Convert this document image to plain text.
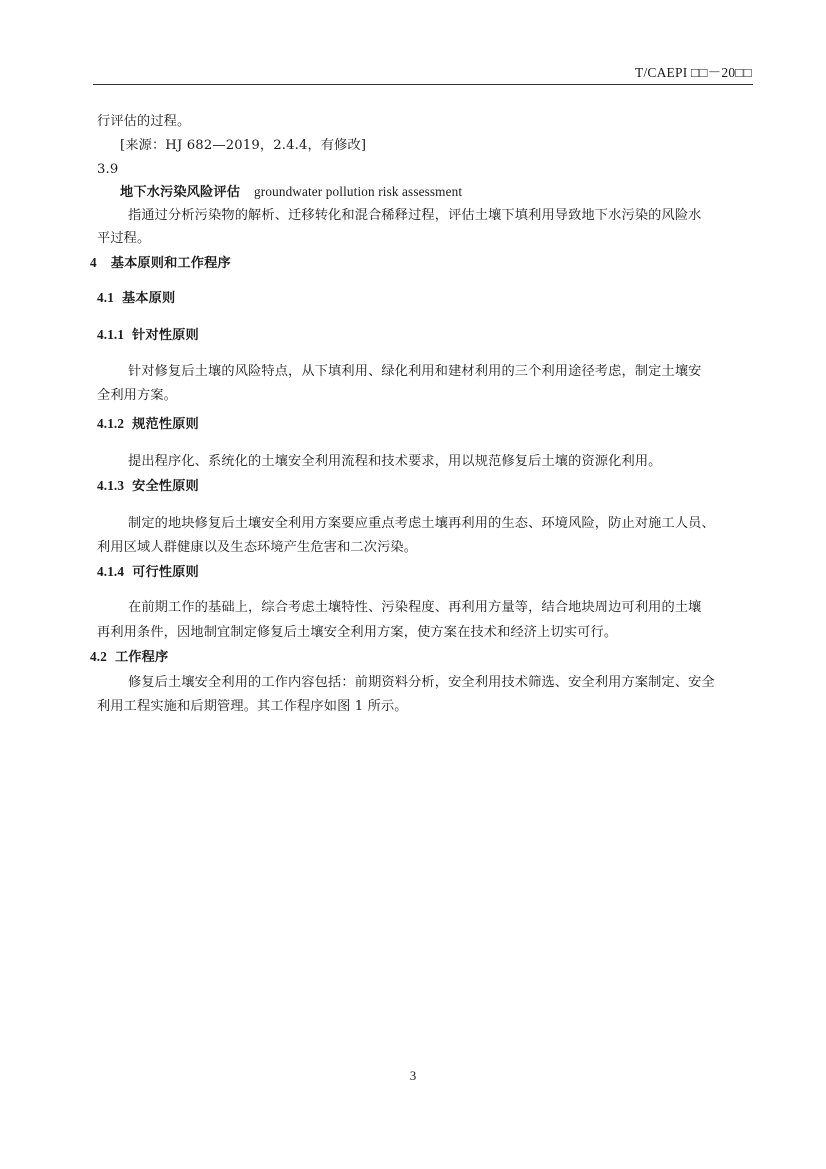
T/CAEPI □□－20□□
行评估的过程。
[来源：HJ 682—2019，2.4.4，有修改]
3.9
地下水污染风险评估 groundwater pollution risk assessment
指通过分析污染物的解析、迁移转化和混合稀释过程，评估土壤下填利用导致地下水污染的风险水
平过程。
4 基本原则和工作程序
4.1 基本原则
4.1.1 针对性原则
针对修复后土壤的风险特点，从下填利用、绿化利用和建材利用的三个利用途径考虑，制定土壤安
全利用方案。
4.1.2 规范性原则
提出程序化、系统化的土壤安全利用流程和技术要求，用以规范修复后土壤的资源化利用。
4.1.3 安全性原则
制定的地块修复后土壤安全利用方案要应重点考虑土壤再利用的生态、环境风险，防止对施工人员、
利用区域人群健康以及生态环境产生危害和二次污染。
4.1.4 可行性原则
在前期工作的基础上，综合考虑土壤特性、污染程度、再利用方量等，结合地块周边可利用的土壤
再利用条件，因地制宜制定修复后土壤安全利用方案，使方案在技术和经济上切实可行。
4.2 工作程序
修复后土壤安全利用的工作内容包括：前期资料分析，安全利用技术筛选、安全利用方案制定、安全
利用工程实施和后期管理。其工作程序如图 1 所示。
3
